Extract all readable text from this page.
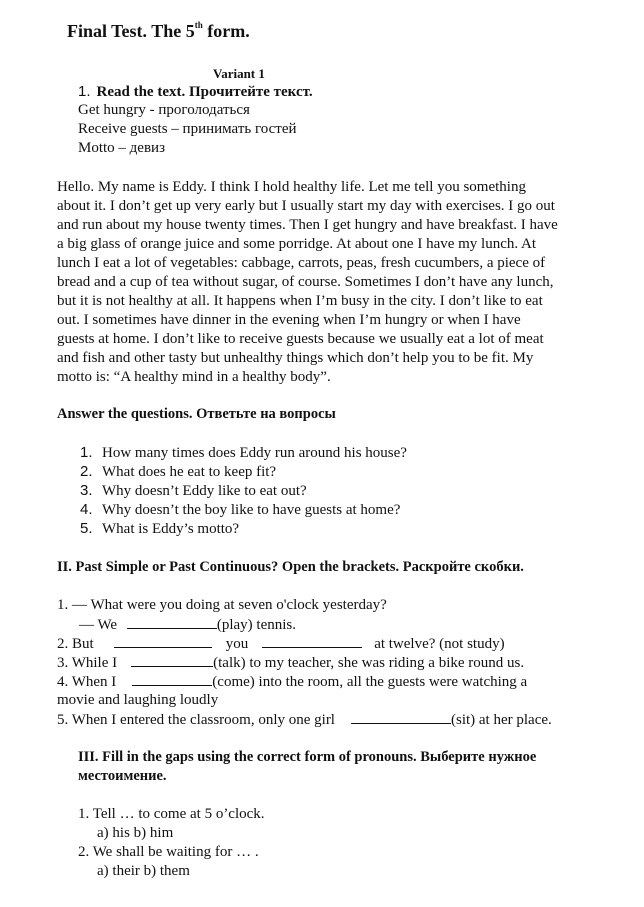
Final Test. The 5th form.
Variant 1
1. Read the text. Прочитейте текст.
Get hungry - проголодаться
Receive guests – принимать гостей
Motto – девиз
Hello. My name is Eddy. I think I hold healthy life. Let me tell you something
about it. I don’t get up very early but I usually start my day with exercises. I go out
and run about my house twenty times. Then I get hungry and have breakfast. I have
a big glass of orange juice and some porridge. At about one I have my lunch. At
lunch I eat a lot of vegetables: cabbage, carrots, peas, fresh cucumbers, a piece of
bread and a cup of tea without sugar, of course. Sometimes I don’t have any lunch,
but it is not healthy at all. It happens when I’m busy in the city. I don’t like to eat
out. I sometimes have dinner in the evening when I’m hungry or when I have
guests at home. I don’t like to receive guests because we usually eat a lot of meat
and fish and other tasty but unhealthy things which don’t help you to be fit. My
motto is: “A healthy mind in a healthy body”.
Answer the questions. Ответьте на вопросы
1. How many times does Eddy run around his house?
2. What does he eat to keep fit?
3. Why doesn’t Eddy like to eat out?
4. Why doesn’t the boy like to have guests at home?
5. What is Eddy’s motto?
II. Past Simple or Past Continuous? Open the brackets. Раскройте скобки.
1. — What were you doing at seven o'clock yesterday?
— We	(play) tennis.
2. But	you	at twelve? (not study)
3. While I	(talk) to my teacher, she was riding a bike round us.
4. When I	(come) into the room, all the guests were watching a
movie and laughing loudly
5. When I entered the classroom, only one girl	(sit) at her place.
III. Fill in the gaps using the correct form of pronouns. Выберите нужное
местоимение.
1. Tell … to come at 5 o’clock.
a) his b) him
2. We shall be waiting for … .
a) their b) them
